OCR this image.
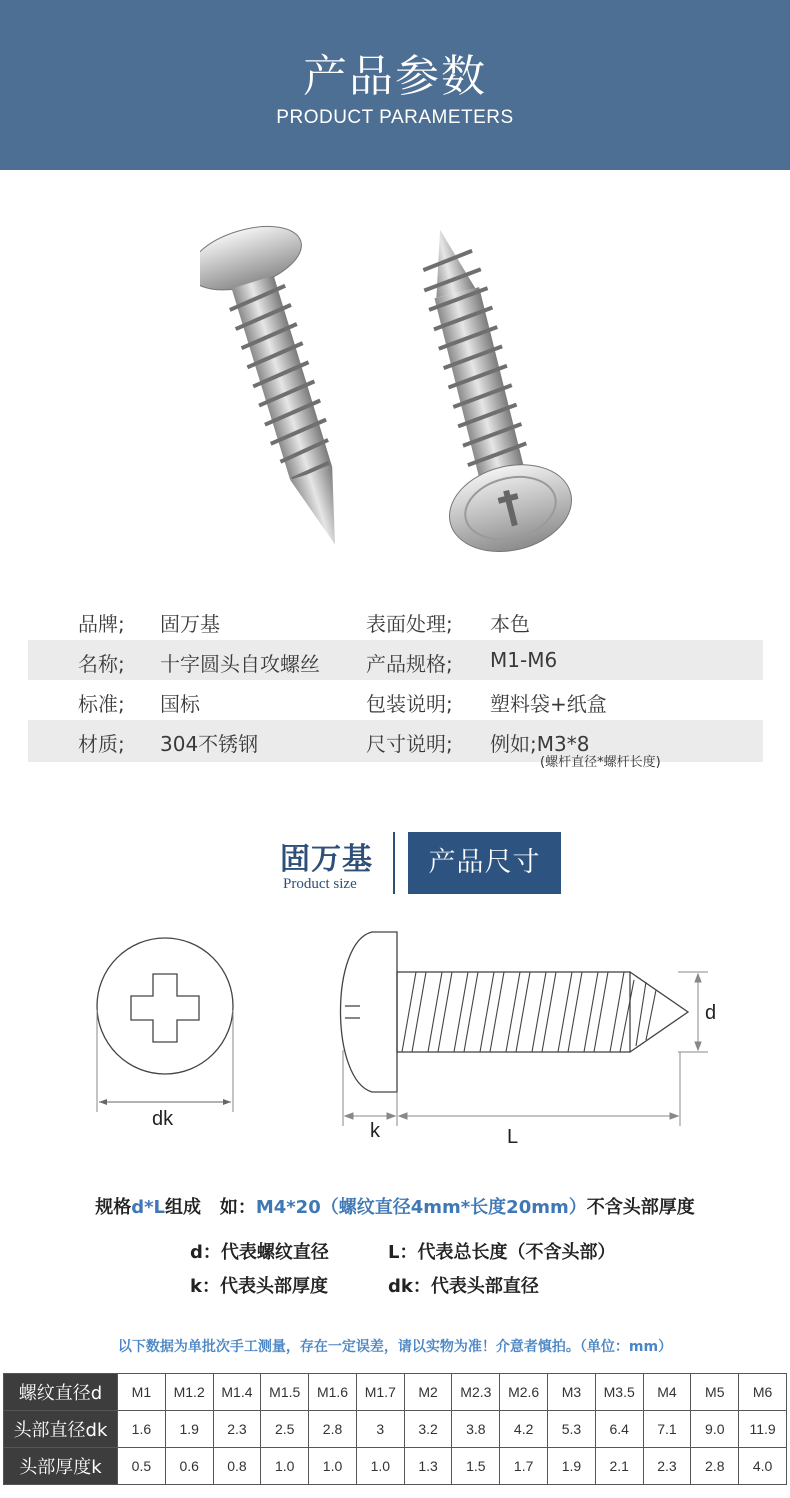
产品参数
PRODUCT PARAMETERS
品牌; 固万基	表面处理; 本色
名称; 十字圆头自攻螺丝 产品规格; M1-M6
标准; 国标	包装说明; 塑料袋+纸盒
材质; 304不锈钢	尺寸说明; 例如;M3*8
(螺杆直径*螺杆长度)
固万基
Product size
产品尺寸
dk
d
k	L
规格d*L组成   如：M4*20（螺纹直径4mm*长度20mm）不含头部厚度
d：代表螺纹直径	L：代表总长度（不含头部）
k：代表头部厚度	dk：代表头部直径
以下数据为单批次手工测量，存在一定误差，请以实物为准！介意者慎拍。（单位：mm）
螺纹直径d	M1	M1.2	M1.4	M1.5	M1.6	M1.7	M2	M2.3	M2.6	M3	M3.5	M4	M5	M6
头部直径dk	1.6	1.9	2.3	2.5	2.8	3	3.2	3.8	4.2	5.3	6.4	7.1	9.0	11.9
头部厚度k	0.5	0.6	0.8	1.0	1.0	1.0	1.3	1.5	1.7	1.9	2.1	2.3	2.8	4.0
